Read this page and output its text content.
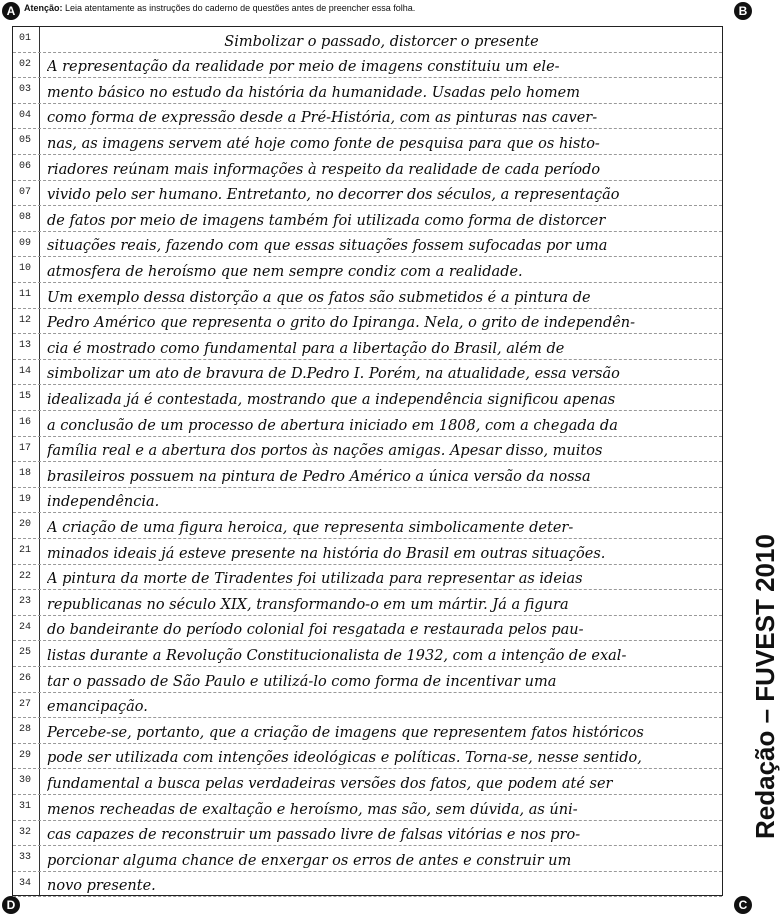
A	B
C
D
Atenção: Leia atentamente as instruções do caderno de questões antes de preencher essa folha.
01	Simbolizar o passado, distorcer o presente
02	A representação da realidade por meio de imagens constituiu um ele-
03	mento básico no estudo da história da humanidade. Usadas pelo homem
04	como forma de expressão desde a Pré-História, com as pinturas nas caver-
05	nas, as imagens servem até hoje como fonte de pesquisa para que os histo-
06	riadores reúnam mais informações à respeito da realidade de cada período
07	vivido pelo ser humano. Entretanto, no decorrer dos séculos, a representação
08	de fatos por meio de imagens também foi utilizada como forma de distorcer
09	situações reais, fazendo com que essas situações fossem sufocadas por uma
10	atmosfera de heroísmo que nem sempre condiz com a realidade.
11	Um exemplo dessa distorção a que os fatos são submetidos é a pintura de
12	Pedro Américo que representa o grito do Ipiranga. Nela, o grito de independên-
13	cia é mostrado como fundamental para a libertação do Brasil, além de
14	simbolizar um ato de bravura de D.Pedro I. Porém, na atualidade, essa versão
15	idealizada já é contestada, mostrando que a independência significou apenas
16	a conclusão de um processo de abertura iniciado em 1808, com a chegada da
17	família real e a abertura dos portos às nações amigas. Apesar disso, muitos
18	brasileiros possuem na pintura de Pedro Américo a única versão da nossa
19	independência.
20	A criação de uma figura heroica, que representa simbolicamente deter-
21	minados ideais já esteve presente na história do Brasil em outras situações.
22	A pintura da morte de Tiradentes foi utilizada para representar as ideias
23	republicanas no século XIX, transformando-o em um mártir. Já a figura
24	do bandeirante do período colonial foi resgatada e restaurada pelos pau-
25	listas durante a Revolução Constitucionalista de 1932, com a intenção de exal-
26	tar o passado de São Paulo e utilizá-lo como forma de incentivar uma
27	emancipação.
28	Percebe-se, portanto, que a criação de imagens que representem fatos históricos
29	pode ser utilizada com intenções ideológicas e políticas. Torna-se, nesse sentido,
30	fundamental a busca pelas verdadeiras versões dos fatos, que podem até ser
31	menos recheadas de exaltação e heroísmo, mas são, sem dúvida, as úni-
32	cas capazes de reconstruir um passado livre de falsas vitórias e nos pro-
33	porcionar alguma chance de enxergar os erros de antes e construir um
34	novo presente.
Redação – FUVEST 2010
